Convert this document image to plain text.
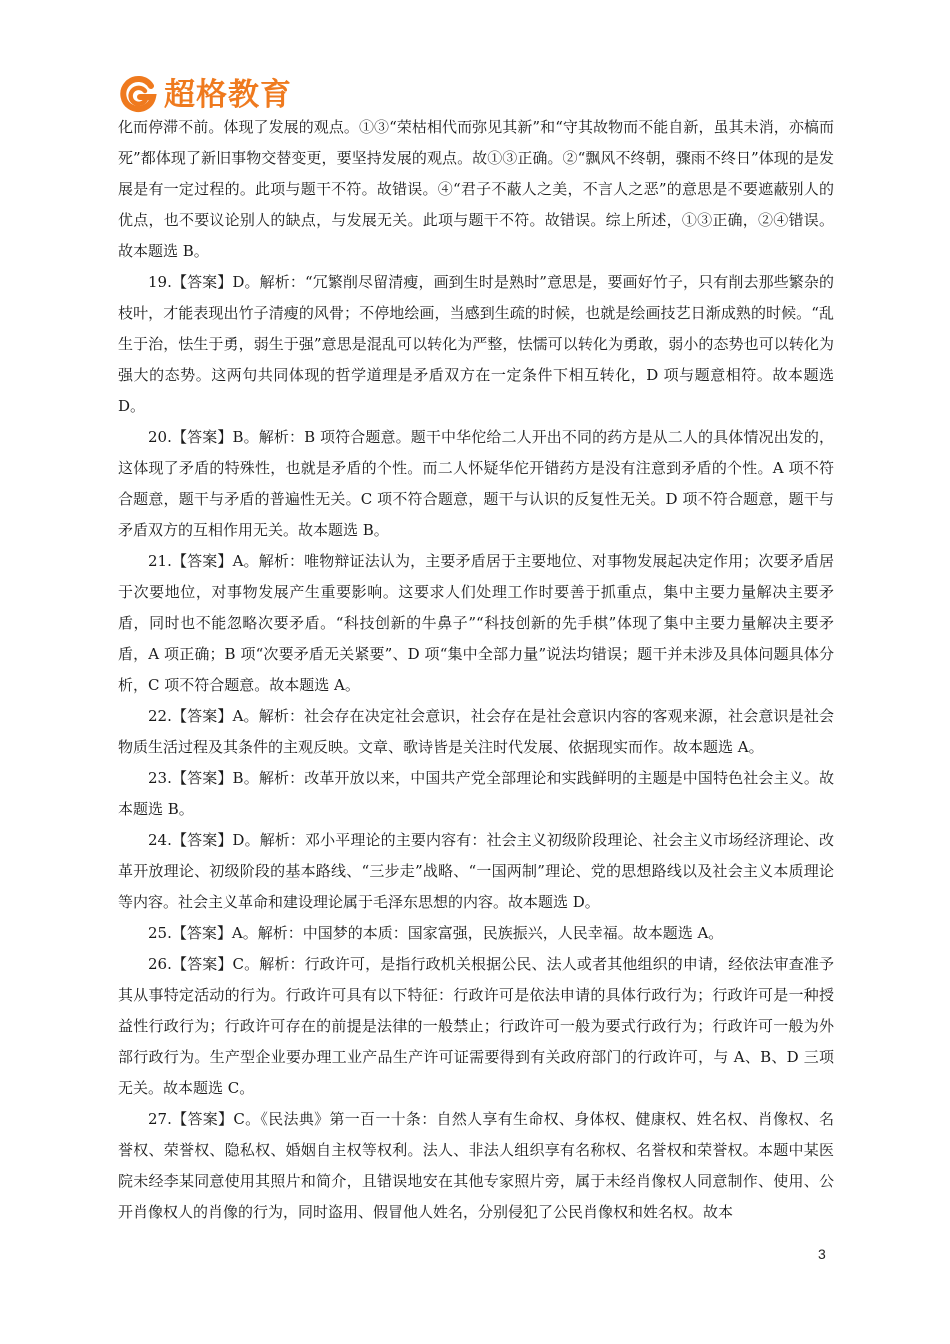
超格教育

化而停滞不前。体现了发展的观点。①③“荣枯相代而弥见其新”和“守其故物而不能自新，虽其未消，亦槁而死”都体现了新旧事物交替变更，要坚持发展的观点。故①③正确。②“飘风不终朝，骤雨不终日”体现的是发展是有一定过程的。此项与题干不符。故错误。④“君子不蔽人之美，不言人之恶”的意思是不要遮蔽别人的优点，也不要议论别人的缺点，与发展无关。此项与题干不符。故错误。综上所述，①③正确，②④错误。故本题选 B。

19.【答案】D。解析：“冗繁削尽留清瘦，画到生时是熟时”意思是，要画好竹子，只有削去那些繁杂的枝叶，才能表现出竹子清瘦的风骨；不停地绘画，当感到生疏的时候，也就是绘画技艺日渐成熟的时候。“乱生于治，怯生于勇，弱生于强”意思是混乱可以转化为严整，怯懦可以转化为勇敢，弱小的态势也可以转化为强大的态势。这两句共同体现的哲学道理是矛盾双方在一定条件下相互转化，D 项与题意相符。故本题选 D。

20.【答案】B。解析：B 项符合题意。题干中华佗给二人开出不同的药方是从二人的具体情况出发的，这体现了矛盾的特殊性，也就是矛盾的个性。而二人怀疑华佗开错药方是没有注意到矛盾的个性。A 项不符合题意，题干与矛盾的普遍性无关。C 项不符合题意，题干与认识的反复性无关。D 项不符合题意，题干与矛盾双方的互相作用无关。故本题选 B。

21.【答案】A。解析：唯物辩证法认为，主要矛盾居于主要地位、对事物发展起决定作用；次要矛盾居于次要地位，对事物发展产生重要影响。这要求人们处理工作时要善于抓重点，集中主要力量解决主要矛盾，同时也不能忽略次要矛盾。“科技创新的牛鼻子”“科技创新的先手棋”体现了集中主要力量解决主要矛盾，A 项正确；B 项“次要矛盾无关紧要”、D 项“集中全部力量”说法均错误；题干并未涉及具体问题具体分析，C 项不符合题意。故本题选 A。

22.【答案】A。解析：社会存在决定社会意识，社会存在是社会意识内容的客观来源，社会意识是社会物质生活过程及其条件的主观反映。文章、歌诗皆是关注时代发展、依据现实而作。故本题选 A。

23.【答案】B。解析：改革开放以来，中国共产党全部理论和实践鲜明的主题是中国特色社会主义。故本题选 B。

24.【答案】D。解析：邓小平理论的主要内容有：社会主义初级阶段理论、社会主义市场经济理论、改革开放理论、初级阶段的基本路线、“三步走”战略、“一国两制”理论、党的思想路线以及社会主义本质理论等内容。社会主义革命和建设理论属于毛泽东思想的内容。故本题选 D。

25.【答案】A。解析：中国梦的本质：国家富强，民族振兴，人民幸福。故本题选 A。

26.【答案】C。解析：行政许可，是指行政机关根据公民、法人或者其他组织的申请，经依法审查准予其从事特定活动的行为。行政许可具有以下特征：行政许可是依法申请的具体行政行为；行政许可是一种授益性行政行为；行政许可存在的前提是法律的一般禁止；行政许可一般为要式行政行为；行政许可一般为外部行政行为。生产型企业要办理工业产品生产许可证需要得到有关政府部门的行政许可，与 A、B、D 三项无关。故本题选 C。

27.【答案】C。《民法典》第一百一十条：自然人享有生命权、身体权、健康权、姓名权、肖像权、名誉权、荣誉权、隐私权、婚姻自主权等权利。法人、非法人组织享有名称权、名誉权和荣誉权。本题中某医院未经李某同意使用其照片和简介，且错误地安在其他专家照片旁，属于未经肖像权人同意制作、使用、公开肖像权人的肖像的行为，同时盗用、假冒他人姓名，分别侵犯了公民肖像权和姓名权。故本

3
